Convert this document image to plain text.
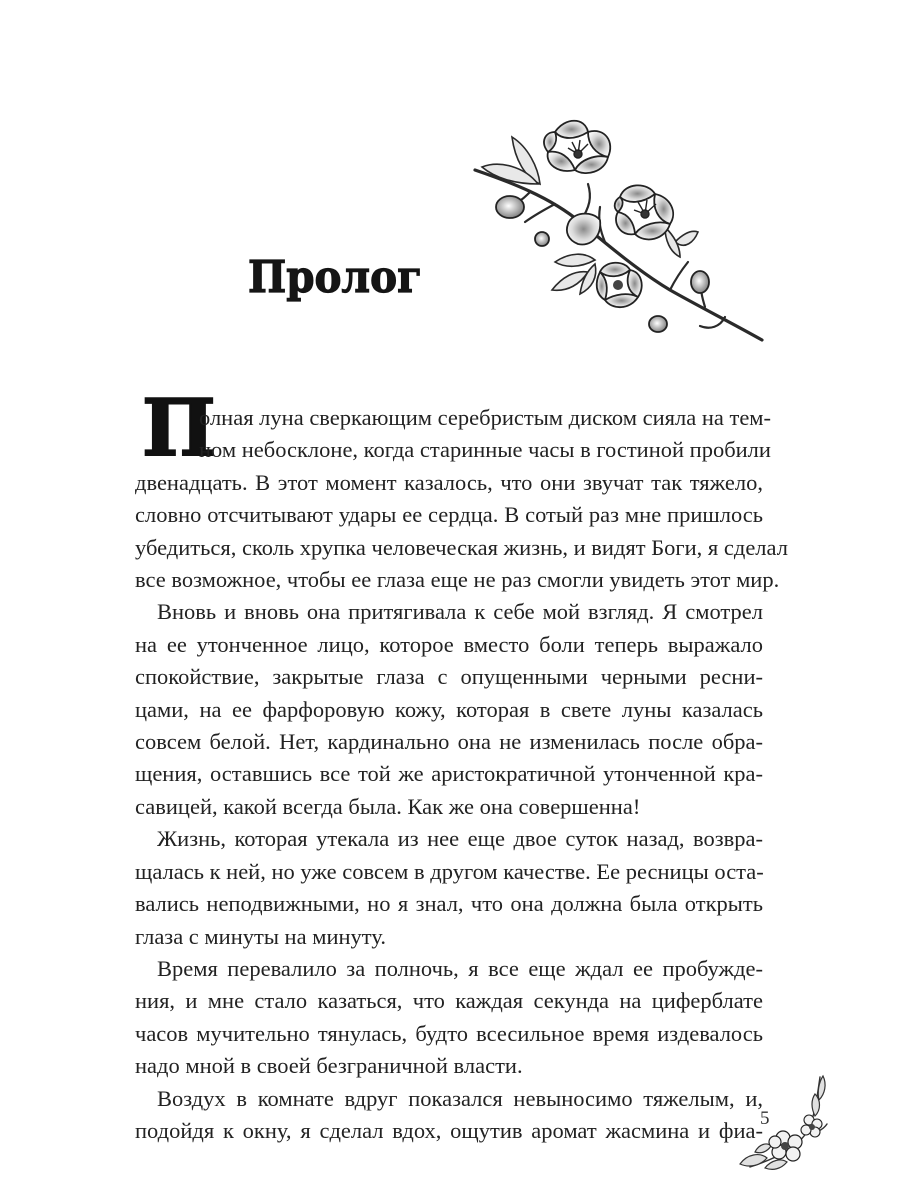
Пролог
П

олная луна сверкающим серебристым диском сияла на тем-
ном небосклоне, когда старинные часы в гостиной пробили
двенадцать. В этот момент казалось, что они звучат так тяжело,
словно отсчитывают удары ее сердца. В сотый раз мне пришлось
убедиться, сколь хрупка человеческая жизнь, и видят Боги, я сделал
все возможное, чтобы ее глаза еще не раз смогли увидеть этот мир.

Вновь и вновь она притягивала к себе мой взгляд. Я смотрел
на ее утонченное лицо, которое вместо боли теперь выражало
спокойствие, закрытые глаза с опущенными черными ресни-
цами, на ее фарфоровую кожу, которая в свете луны казалась
совсем белой. Нет, кардинально она не изменилась после обра-
щения, оставшись все той же аристократичной утонченной кра-
савицей, какой всегда была. Как же она совершенна!

Жизнь, которая утекала из нее еще двое суток назад, возвра-
щалась к ней, но уже совсем в другом качестве. Ее ресницы оста-
вались неподвижными, но я знал, что она должна была открыть
глаза с минуты на минуту.

Время перевалило за полночь, я все еще ждал ее пробужде-
ния, и мне стало казаться, что каждая секунда на циферблате
часов мучительно тянулась, будто всесильное время издевалось
надо мной в своей безграничной власти.

Воздух в комнате вдруг показался невыносимо тяжелым, и,
подойдя к окну, я сделал вдох, ощутив аромат жасмина и фиа-

5
